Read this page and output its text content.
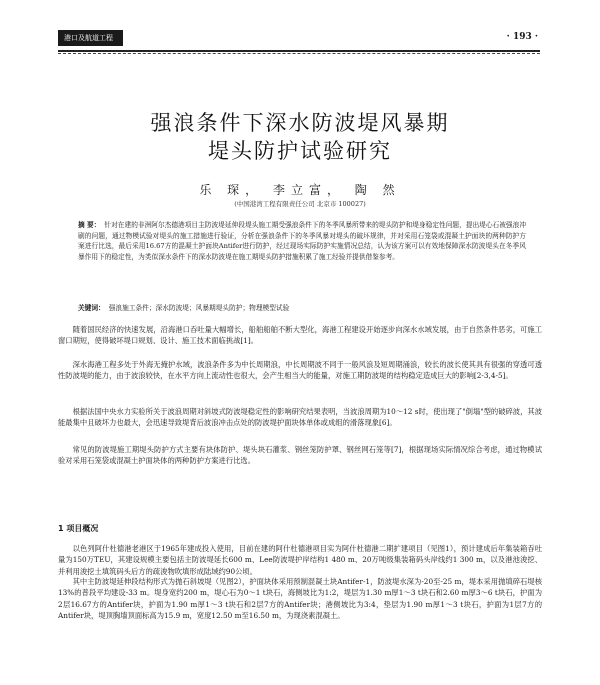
港口及航道工程	· 193 ·
强浪条件下深水防波堤风暴期
堤头防护试验研究
乐 琛， 李立富， 陶 然
(中国港湾工程有限责任公司 北京市 100027)
摘 要： 针对在建的非洲阿尔杰德港项目主防波堤延伸段堤头施工期受强浪条件下的冬季风暴所带来的堤头防护和堤身稳定性问题，提出堤心石被强浪冲刷的问题，通过物模试验对堤头的施工措施进行验证，分析在强浪条件下的冬季风暴对堤头的破坏规律，并对采用石笼袋或混凝土护面块的两种防护方案进行比选，最后采用16.67方的混凝土护面块Antifer进行防护，经过现场实际防护实施情况总结，认为该方案可以有效地保障深水防波堤头在冬季风暴作用下的稳定性，为类似深水条件下的深水防波堤在施工期堤头防护措施积累了施工经验并提供借鉴参考。
关键词： 强浪施工条件；深水防波堤；风暴期堤头防护；物理模型试验
随着国民经济的快速发展，沿海港口吞吐量大幅增长，船舶船舶不断大型化，海港工程建设开始逐步向深水水域发展，由于自然条件恶劣，可施工窗口期短，使得破坏堤口规划、设计、施工技术面临挑战[1]。
深水海港工程多处于外海无掩护水域，波浪条件多为中长周期浪，中长周期波不同于一般风浪及短周期涌浪，较长的波长使其具有很强的穿透可透性防波堤的能力，由于波浪较快，在水平方向上流动性也很大，会产生相当大的能量，对施工期防波堤的结构稳定造成巨大的影响[2-3,4-5]。
根据法国中央水力实验所关于波浪周期对斜坡式防波堤稳定性的影响研究结果表明，当波浪周期为10～12 s时，使出现了"倒塌"型的破碎波，其波能最集中且破坏力也最大，会迅速导致堤背后波浪冲击点处的防波堤护面块体单体或成组的滑落现象[6]。
常见的防波堤施工期堤头防护方式主要有块体防护、堤头块石灌浆、钢丝笼防护罩、钢丝网石笼等[7]，根据现场实际情况综合考虑，通过物模试验对采用石笼袋或混凝土护面块体的两种防护方案进行比选。
1 项目概况
以色列阿什杜德港老港区于1965年建成投入使用，目前在建的阿什杜德港项目实为阿什杜德港二期扩建项目（见图1），预计建成后年集装箱吞吐量为150万TEU，其建设规模主要包括主防波堤延长600 m、Lee防波堤护岸结构1 480 m、20万吨级集装箱码头岸线约1 300 m，以及港池浚挖、并利用浚挖土填筑码头后方的疏浚物吹填形成陆域约90公顷。
其中主防波堤延伸段结构形式为抛石斜坡堤（见图2），护面块体采用预制混凝土块Antifer-1，防波堤水深为-20至-25 m，堤本采用抛填碎石堤核13%的普段平均建设-33 m。堤身宽约200 m，堤心石为0～1 t块石，海侧坡比为1:2，堤层为1.30 m厚1～3 t块石和2.60 m厚3～6 t块石，护面为2层16.67方的Antifer块，护面为1.90 m厚1～3 t块石和2层7方的Antifer块；港侧坡比为3:4，垫层为1.90 m厚1～3 t块石，护面为1层7方的Antifer块，堤顶胸墙顶面标高为15.9 m，宽度12.50 m至16.50 m，为现浇素混凝土。
